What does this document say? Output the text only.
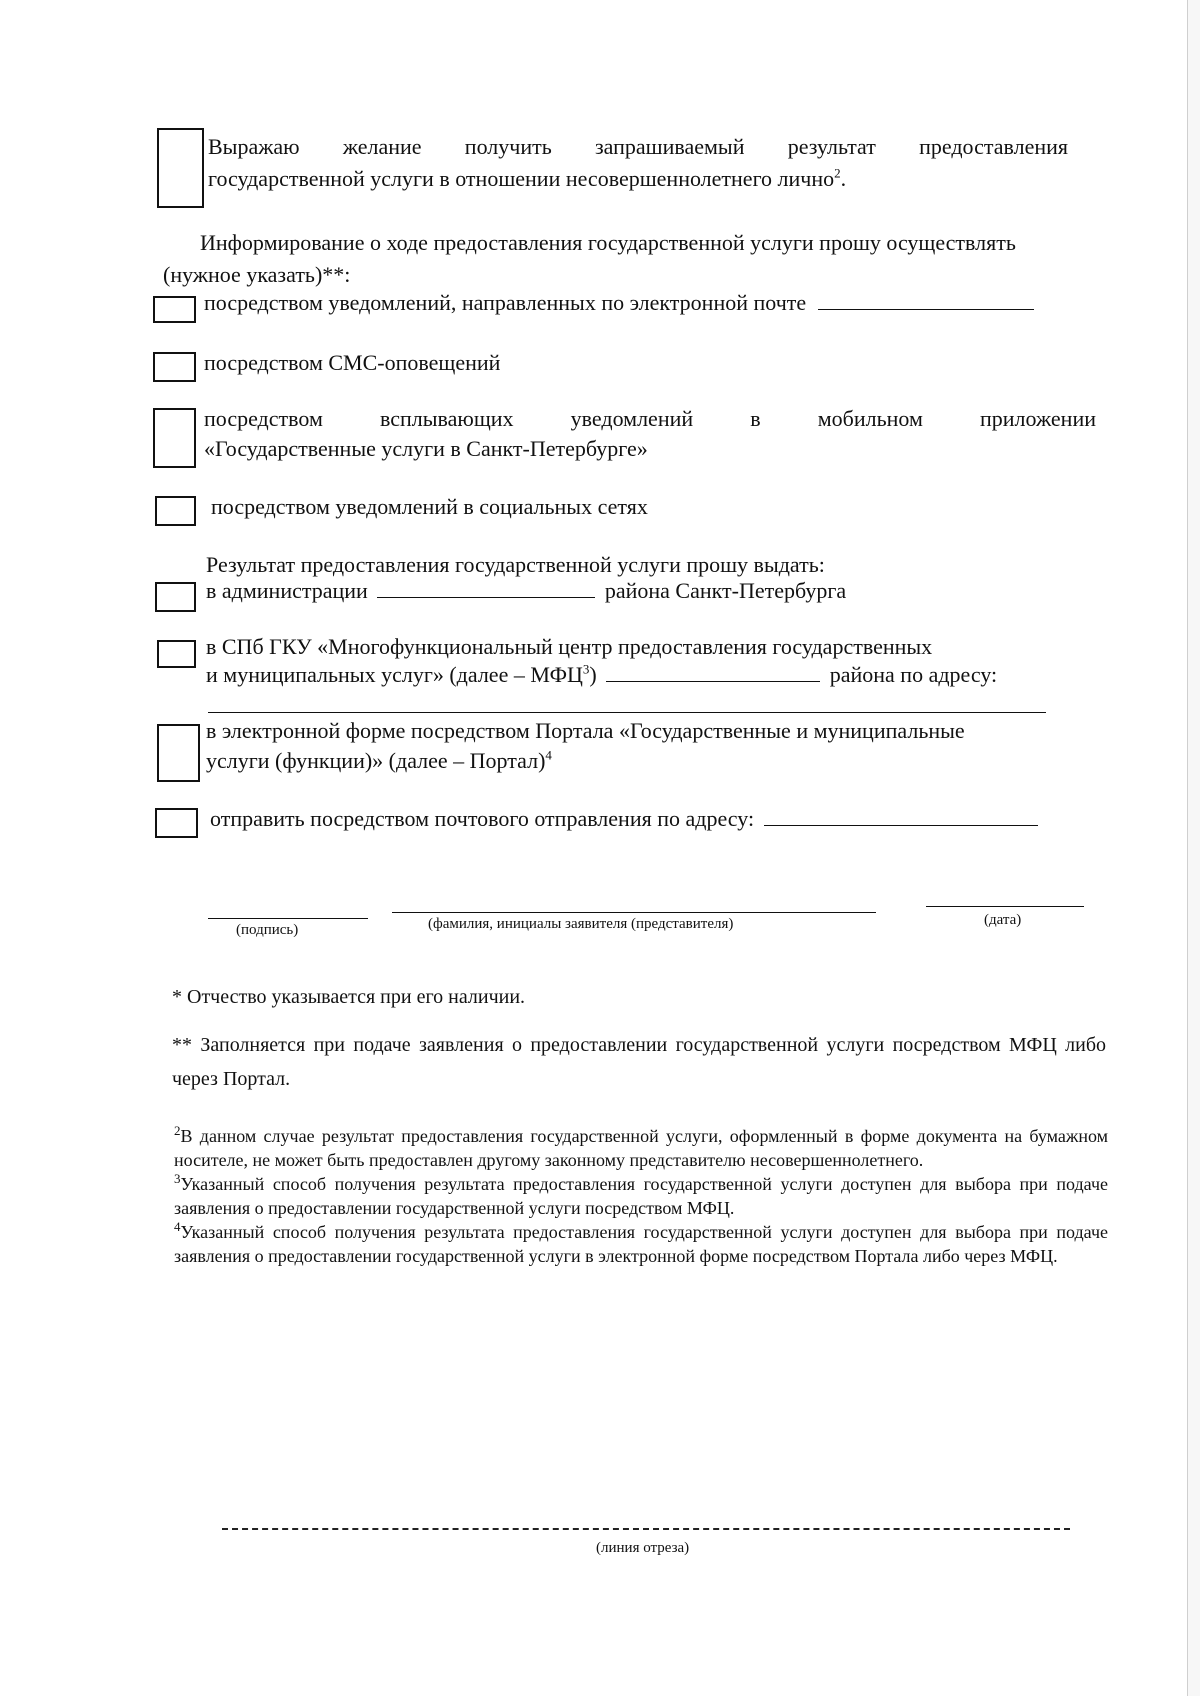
Выражаю желание получить запрашиваемый результат предоставления
государственной услуги в отношении несовершеннолетнего лично$^2$.
Информирование о ходе предоставления государственной услуги прошу осуществлять
(нужное указать)**:
посредством уведомлений, направленных по электронной почте
посредством СМС-оповещений
посредством всплывающих уведомлений в мобильном приложении
«Государственные услуги в Санкт-Петербурге»
посредством уведомлений в социальных сетях
Результат предоставления государственной услуги прошу выдать:
в администрации	района Санкт-Петербурга
в СПб ГКУ «Многофункциональный центр предоставления государственных
и муниципальных услуг» (далее – МФЦ$^3$)	района по адресу:
в электронной форме посредством Портала «Государственные и муниципальные
услуги (функции)» (далее – Портал)$^4$
отправить посредством почтового отправления по адресу:
(подпись)	(фамилия, инициалы заявителя (представителя)	(дата)
* Отчество указывается при его наличии.
** Заполняется при подаче заявления о предоставлении государственной услуги посредством МФЦ либо через Портал.
$^2$В данном случае результат предоставления государственной услуги, оформленный в форме документа на бумажном носителе, не может быть предоставлен другому законному представителю несовершеннолетнего.
$^3$Указанный способ получения результата предоставления государственной услуги доступен для выбора при подаче заявления о предоставлении государственной услуги посредством МФЦ.
$^4$Указанный способ получения результата предоставления государственной услуги доступен для выбора при подаче заявления о предоставлении государственной услуги в электронной форме посредством Портала либо через МФЦ.
(линия отреза)
